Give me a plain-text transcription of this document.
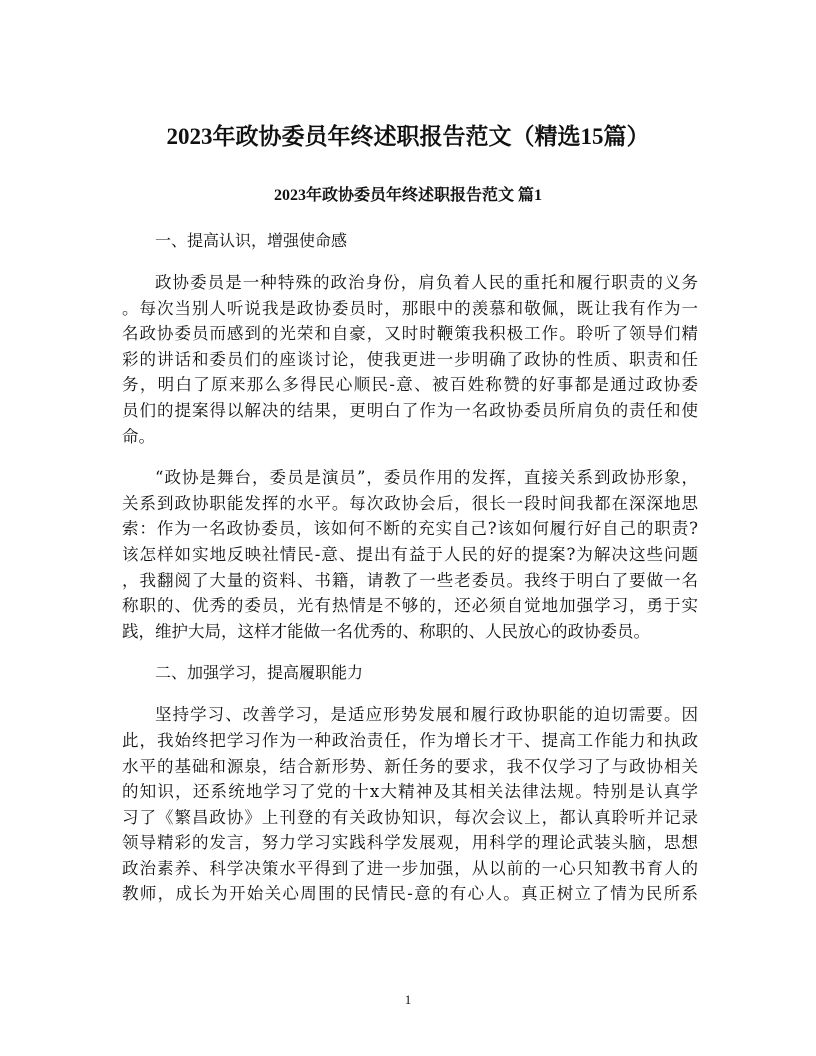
2023年政协委员年终述职报告范文（精选15篇）
2023年政协委员年终述职报告范文 篇1
一、提高认识，增强使命感
政协委员是一种特殊的政治身份，肩负着人民的重托和履行职责的义务
。每次当别人听说我是政协委员时，那眼中的羡慕和敬佩，既让我有作为一
名政协委员而感到的光荣和自豪，又时时鞭策我积极工作。聆听了领导们精
彩的讲话和委员们的座谈讨论，使我更进一步明确了政协的性质、职责和任
务，明白了原来那么多得民心顺民-意、被百姓称赞的好事都是通过政协委
员们的提案得以解决的结果，更明白了作为一名政协委员所肩负的责任和使
命。
“政协是舞台，委员是演员”，委员作用的发挥，直接关系到政协形象，
关系到政协职能发挥的水平。每次政协会后，很长一段时间我都在深深地思
索：作为一名政协委员，该如何不断的充实自己?该如何履行好自己的职责?
该怎样如实地反映社情民-意、提出有益于人民的好的提案?为解决这些问题
，我翻阅了大量的资料、书籍，请教了一些老委员。我终于明白了要做一名
称职的、优秀的委员，光有热情是不够的，还必须自觉地加强学习，勇于实
践，维护大局，这样才能做一名优秀的、称职的、人民放心的政协委员。
二、加强学习，提高履职能力
坚持学习、改善学习，是适应形势发展和履行政协职能的迫切需要。因
此，我始终把学习作为一种政治责任，作为增长才干、提高工作能力和执政
水平的基础和源泉，结合新形势、新任务的要求，我不仅学习了与政协相关
的知识，还系统地学习了党的十x大精神及其相关法律法规。特别是认真学
习了《繁昌政协》上刊登的有关政协知识，每次会议上，都认真聆听并记录
领导精彩的发言，努力学习实践科学发展观，用科学的理论武装头脑，思想
政治素养、科学决策水平得到了进一步加强，从以前的一心只知教书育人的
教师，成长为开始关心周围的民情民-意的有心人。真正树立了情为民所系
1
